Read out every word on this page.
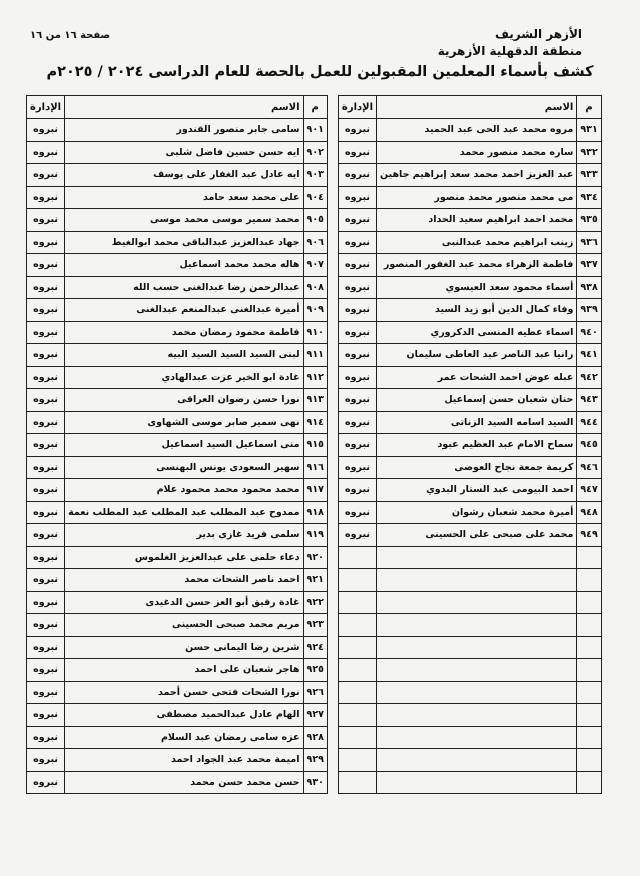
الأزهر الشريف
منطقة الدقهلية الأزهرية
صفحة ١٦ من ١٦
كشف بأسماء المعلمين المقبولين للعمل بالحصة للعام الدراسى ٢٠٢٤ / ٢٠٢٥م
م	الاسم	الإدارة
٩٠١	سامى جابر منصور القندور	نبروه
٩٠٢	ايه حسن حسين فاضل شلبى	نبروه
٩٠٣	ايه عادل عبد الغفار على يوسف	نبروه
٩٠٤	على محمد سعد حامد	نبروه
٩٠٥	محمد سمير موسى محمد موسى	نبروه
٩٠٦	جهاد عبدالعزيز عبدالباقى محمد ابوالغيط	نبروه
٩٠٧	هاله محمد محمد اسماعيل	نبروه
٩٠٨	عبدالرحمن رضا عبدالغنى حسب الله	نبروه
٩٠٩	أميرة عبدالغنى عبدالمنعم عبدالغنى	نبروه
٩١٠	فاطمة محمود رمضان محمد	نبروه
٩١١	لبنى السيد السيد السيد البيه	نبروه
٩١٢	غادة ابو الخير عزت عبدالهادي	نبروه
٩١٣	نورا حسن رضوان العراقى	نبروه
٩١٤	نهى سمير صابر موسى الشهاوى	نبروه
٩١٥	منى اسماعيل السيد اسماعيل	نبروه
٩١٦	سهير السعودى يونس البهنسى	نبروه
٩١٧	محمد محمود محمد محمود علام	نبروه
٩١٨	ممدوح عبد المطلب عبد المطلب عبد المطلب نعمة	نبروه
٩١٩	سلمى فريد غازى بدير	نبروه
٩٢٠	دعاء حلمى على عبدالعزيز الغلموس	نبروه
٩٢١	احمد ناصر الشحات محمد	نبروه
٩٢٢	غادة رفيق أبو العز حسن الدغيدى	نبروه
٩٢٣	مريم محمد صبحى الحسينى	نبروه
٩٢٤	شرين رضا اليمانى حسن	نبروه
٩٢٥	هاجر شعبان على احمد	نبروه
٩٢٦	نورا الشحات فتحى حسن أحمد	نبروه
٩٢٧	الهام عادل عبدالحميد مصطفى	نبروه
٩٢٨	عزه سامى رمضان عبد السلام	نبروه
٩٢٩	اميمة محمد عبد الجواد احمد	نبروه
٩٣٠	حسن محمد حسن محمد	نبروه
م	الاسم	الإدارة
٩٣١	مروه محمد عبد الحى عبد الحميد	نبروه
٩٣٢	ساره محمد منصور محمد	نبروه
٩٣٣	عبد العزيز احمد محمد سعد إبراهيم جاهين	نبروه
٩٣٤	مى محمد منصور محمد منصور	نبروه
٩٣٥	محمد احمد ابراهيم سعيد الحداد	نبروه
٩٣٦	زينب ابراهيم محمد عبدالنبى	نبروه
٩٣٧	فاطمة الزهراء محمد عبد الغفور المنصور	نبروه
٩٣٨	أسماء محمود سعد العيسوي	نبروه
٩٣٩	وفاء كمال الدين أبو زيد السيد	نبروه
٩٤٠	اسماء عطيه المنسى الدكروري	نبروه
٩٤١	رانيا عبد الناصر عبد العاطى سليمان	نبروه
٩٤٢	عبله عوض احمد الشحات عمر	نبروه
٩٤٣	حنان شعبان حسن إسماعيل	نبروه
٩٤٤	السيد اسامه السيد الزناتى	نبروه
٩٤٥	سماح الامام عبد العظيم عبود	نبروه
٩٤٦	كريمة جمعة نجاح العوضى	نبروه
٩٤٧	احمد البيومى عبد الستار البدوي	نبروه
٩٤٨	أميرة محمد شعبان رشوان	نبروه
٩٤٩	محمد على صبحى على الحسينى	نبروه
